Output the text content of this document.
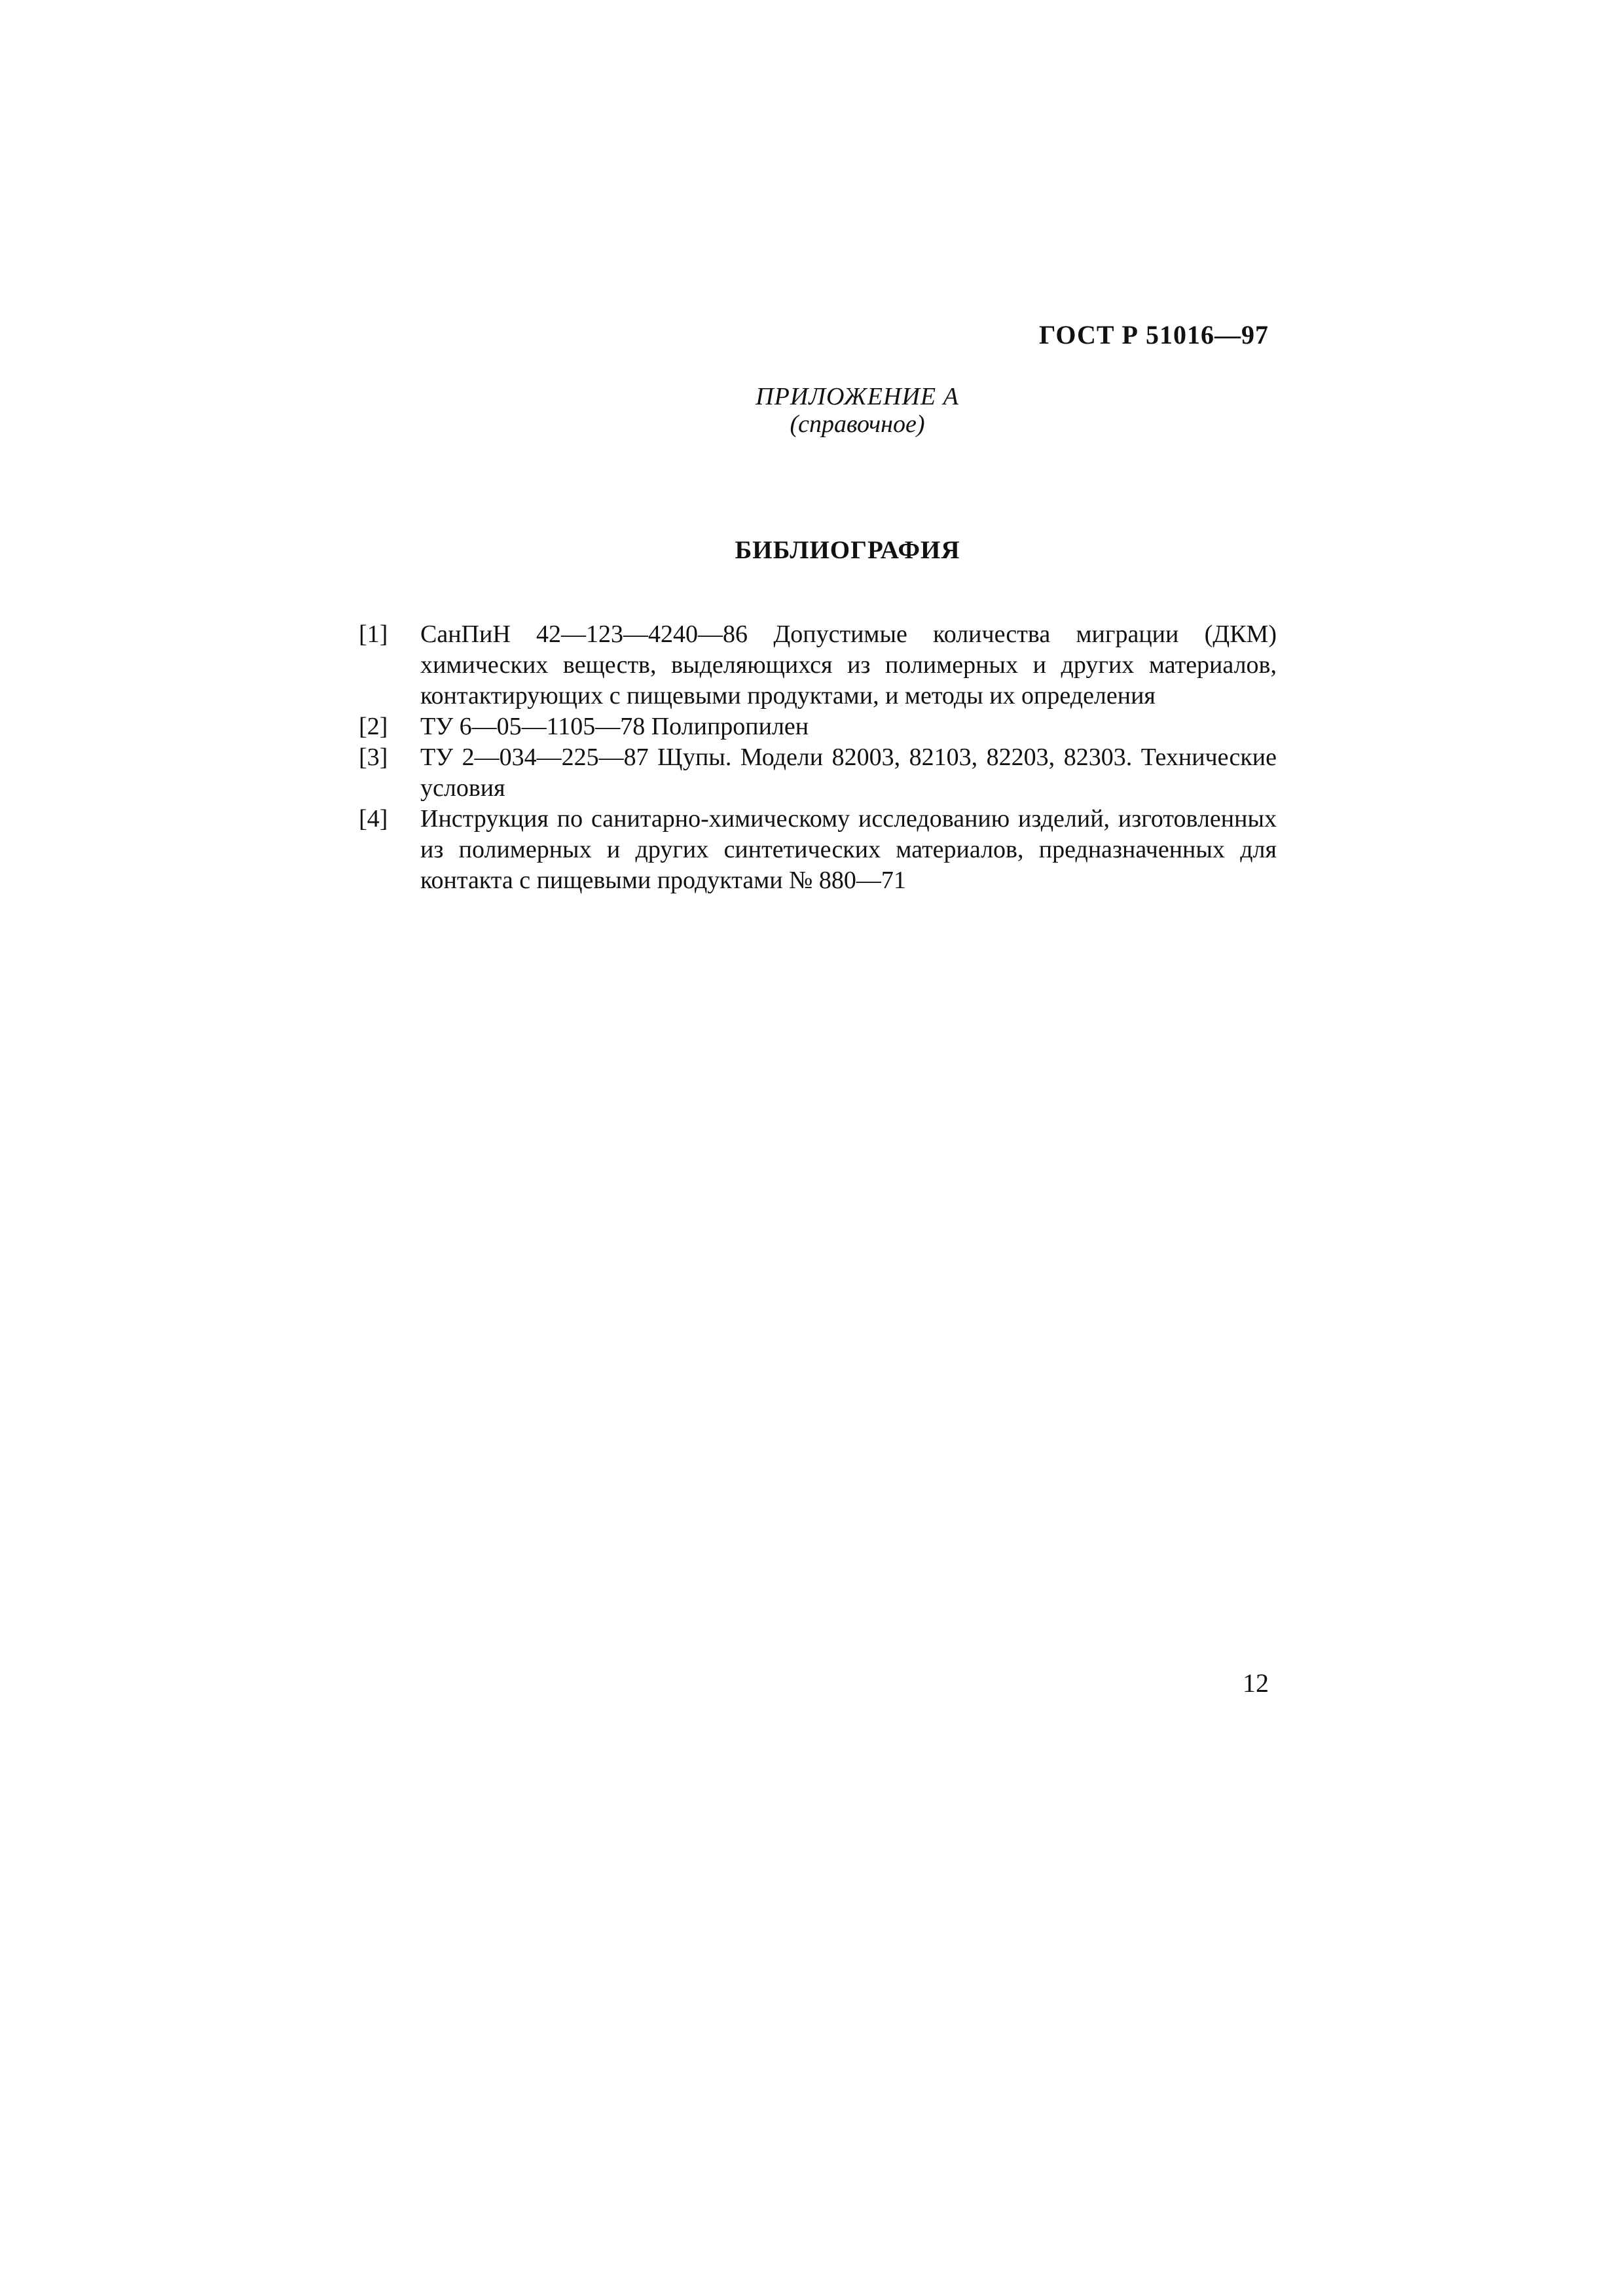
ГОСТ Р 51016—97
ПРИЛОЖЕНИЕ А
(справочное)
БИБЛИОГРАФИЯ
[1]	СанПиН 42—123—4240—86 Допустимые количества миграции (ДКМ) химических веществ, выделяющихся из полимерных и других материалов, контактирующих с пищевыми продуктами, и методы их определения
[2]	ТУ 6—05—1105—78 Полипропилен
[3]	ТУ 2—034—225—87 Щупы. Модели 82003, 82103, 82203, 82303. Технические условия
[4]	Инструкция по санитарно-химическому исследованию изделий, изготовленных из полимерных и других синтетических материалов, предназначенных для контакта с пищевыми продуктами № 880—71
12
